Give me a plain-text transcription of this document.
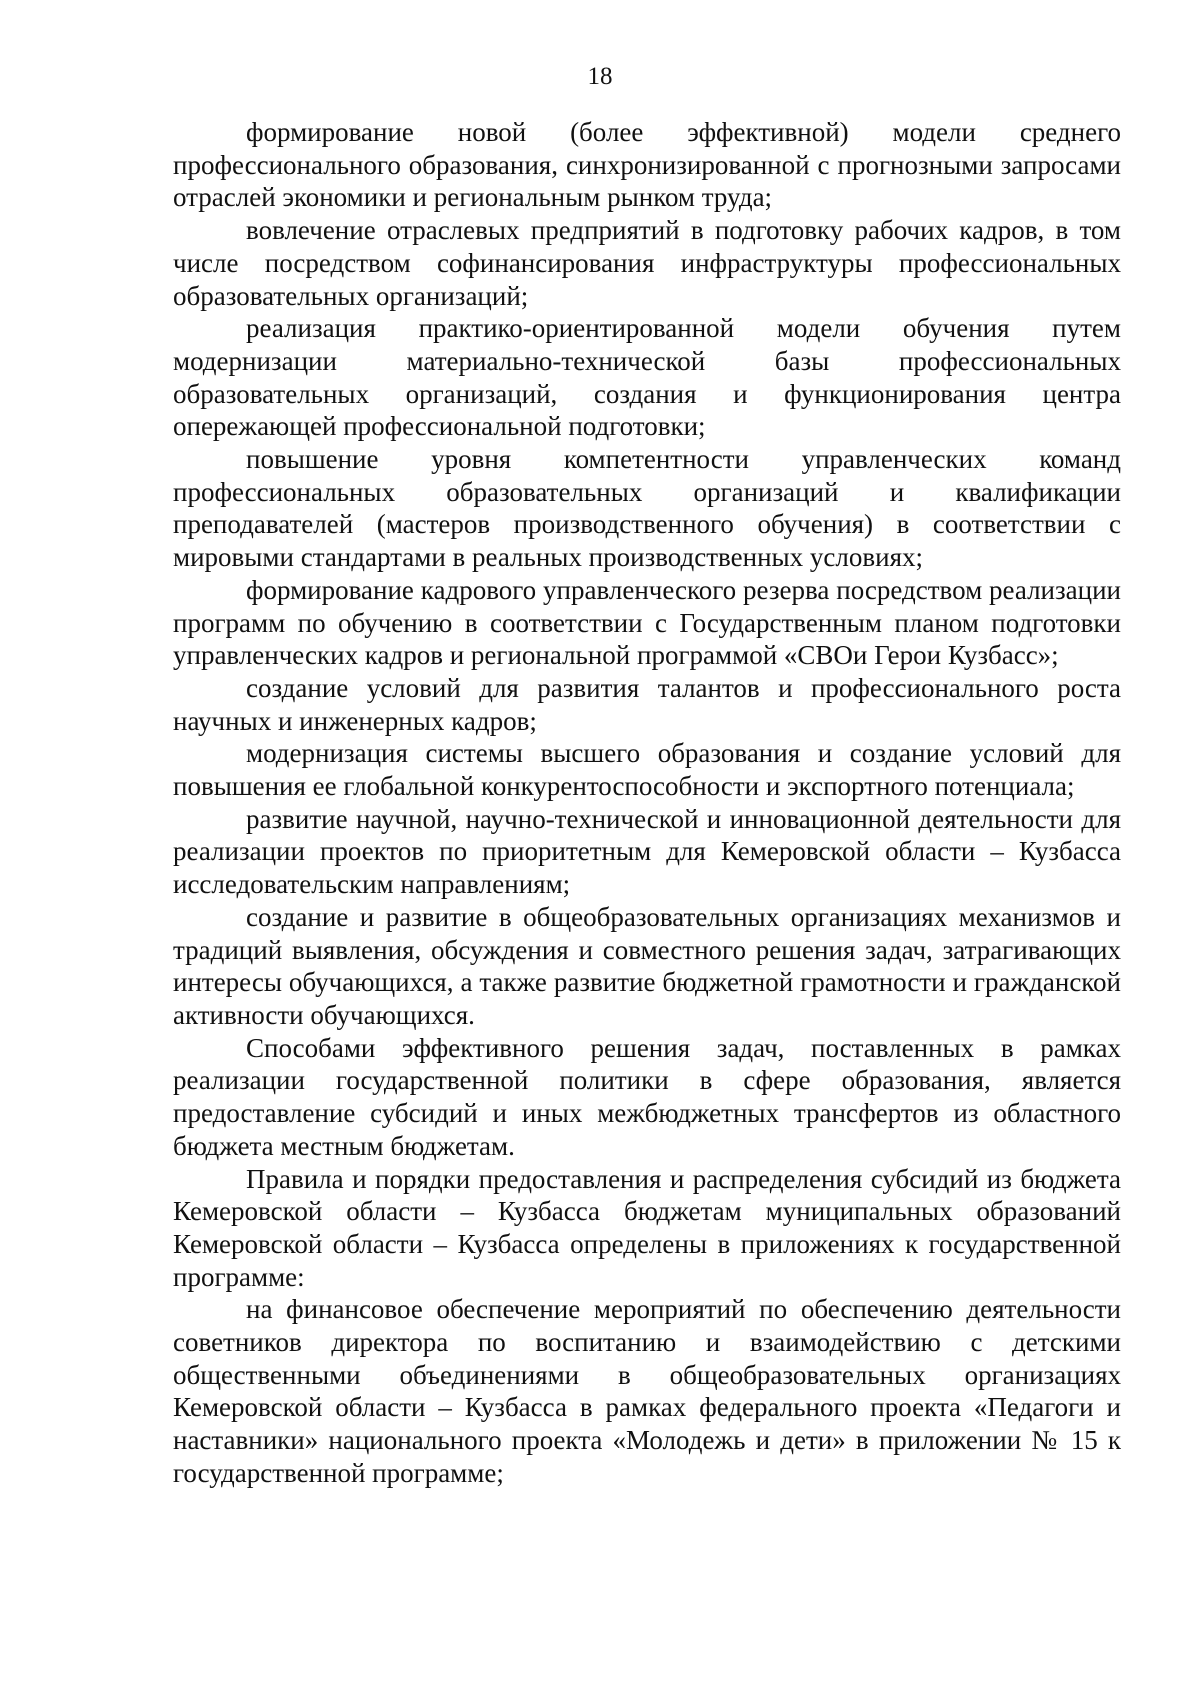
18

формирование новой (более эффективной) модели среднего профессионального образования, синхронизированной с прогнозными запросами отраслей экономики и региональным рынком труда;

вовлечение отраслевых предприятий в подготовку рабочих кадров, в том числе посредством софинансирования инфраструктуры профессиональных образовательных организаций;

реализация практико-ориентированной модели обучения путем модернизации материально-технической базы профессиональных образовательных организаций, создания и функционирования центра опережающей профессиональной подготовки;

повышение уровня компетентности управленческих команд профессиональных образовательных организаций и квалификации преподавателей (мастеров производственного обучения) в соответствии с мировыми стандартами в реальных производственных условиях;

формирование кадрового управленческого резерва посредством реализации программ по обучению в соответствии с Государственным планом подготовки управленческих кадров и региональной программой «СВОи Герои Кузбасс»;

создание условий для развития талантов и профессионального роста научных и инженерных кадров;

модернизация системы высшего образования и создание условий для повышения ее глобальной конкурентоспособности и экспортного потенциала;

развитие научной, научно-технической и инновационной деятельности для реализации проектов по приоритетным для Кемеровской области – Кузбасса исследовательским направлениям;

создание и развитие в общеобразовательных организациях механизмов и традиций выявления, обсуждения и совместного решения задач, затрагивающих интересы обучающихся, а также развитие бюджетной грамотности и гражданской активности обучающихся.

Способами эффективного решения задач, поставленных в рамках реализации государственной политики в сфере образования, является предоставление субсидий и иных межбюджетных трансфертов из областного бюджета местным бюджетам.

Правила и порядки предоставления и распределения субсидий из бюджета Кемеровской области – Кузбасса бюджетам муниципальных образований Кемеровской области – Кузбасса определены в приложениях к государственной программе:

на финансовое обеспечение мероприятий по обеспечению деятельности советников директора по воспитанию и взаимодействию с детскими общественными объединениями в общеобразовательных организациях Кемеровской области – Кузбасса в рамках федерального проекта «Педагоги и наставники» национального проекта «Молодежь и дети» в приложении № 15 к государственной программе;
